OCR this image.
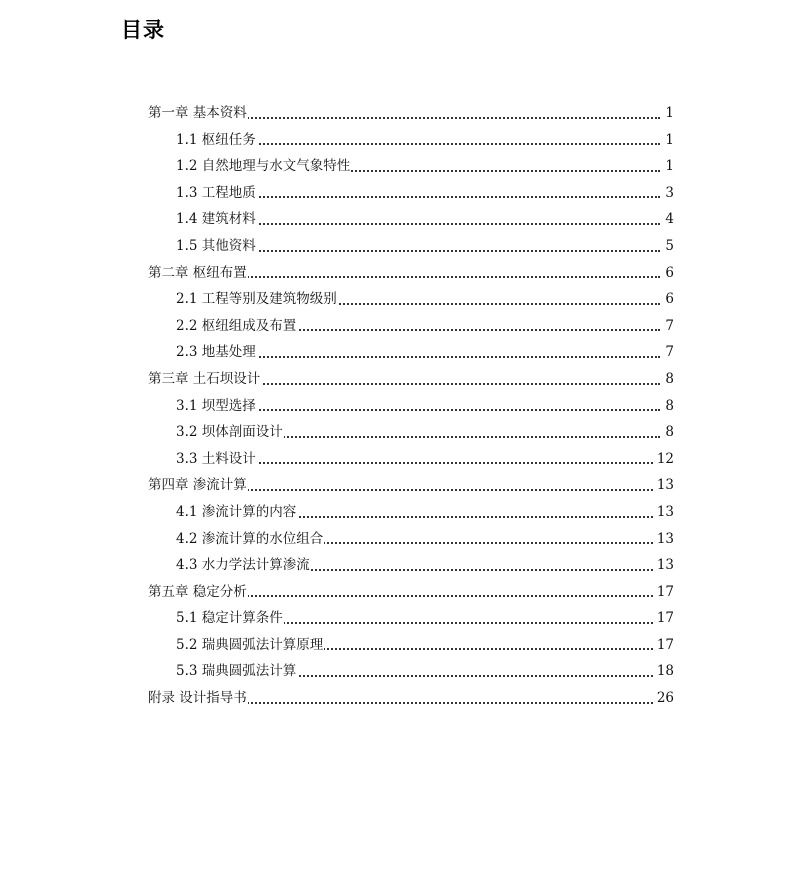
目录
第一章 基本资料	1
1.1 枢纽任务	1
1.2 自然地理与水文气象特性	1
1.3 工程地质	3
1.4 建筑材料	4
1.5 其他资料	5
第二章 枢纽布置	6
2.1 工程等别及建筑物级别	6
2.2 枢纽组成及布置	7
2.3 地基处理	7
第三章 土石坝设计	8
3.1 坝型选择	8
3.2 坝体剖面设计	8
3.3 土料设计	12
第四章 渗流计算	13
4.1 渗流计算的内容	13
4.2 渗流计算的水位组合	13
4.3 水力学法计算渗流	13
第五章 稳定分析	17
5.1 稳定计算条件	17
5.2 瑞典圆弧法计算原理	17
5.3 瑞典圆弧法计算	18
附录 设计指导书	26
